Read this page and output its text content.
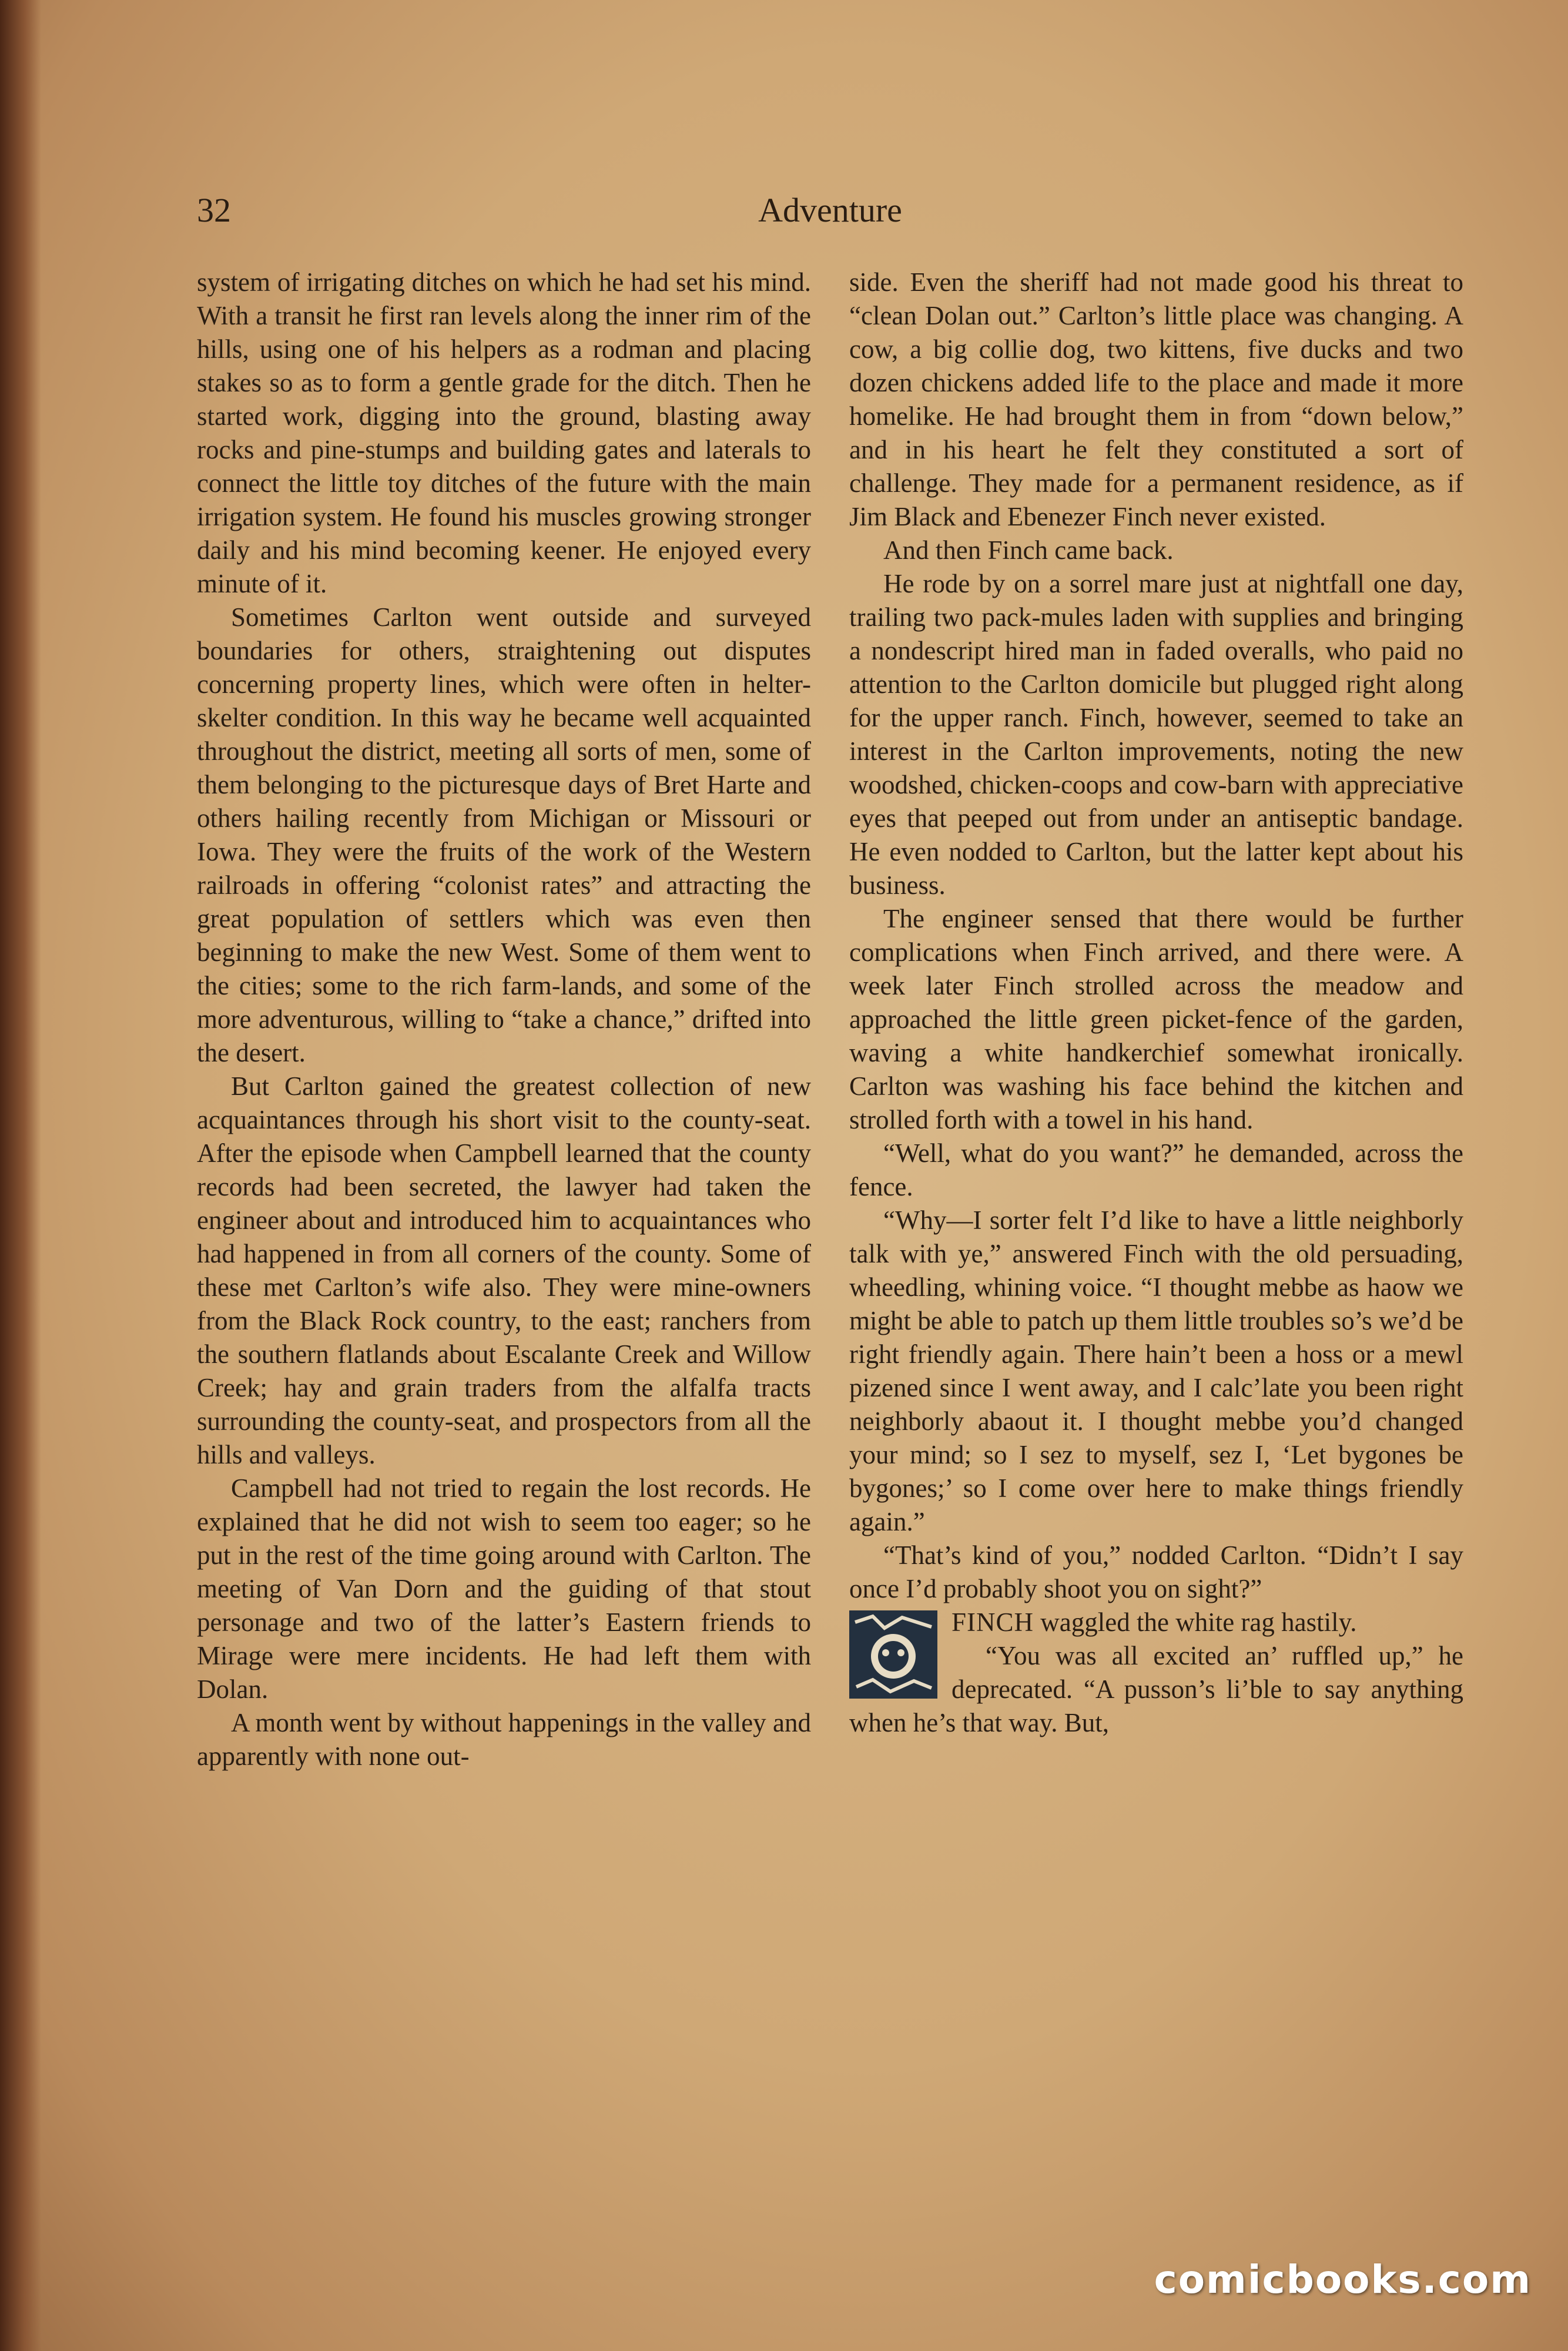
32	Adventure

system of irrigating ditches on which he had set his mind. With a transit he first ran levels along the inner rim of the hills, using one of his helpers as a rodman and placing stakes so as to form a gentle grade for the ditch. Then he started work, digging into the ground, blasting away rocks and pine-stumps and building gates and laterals to connect the little toy ditches of the future with the main irrigation system. He found his muscles growing stronger daily and his mind becoming keener. He enjoyed every minute of it.

Sometimes Carlton went outside and surveyed boundaries for others, straightening out disputes concerning property lines, which were often in helter-skelter condition. In this way he became well acquainted throughout the district, meeting all sorts of men, some of them belonging to the picturesque days of Bret Harte and others hailing recently from Michigan or Missouri or Iowa. They were the fruits of the work of the Western railroads in offering “colonist rates” and attracting the great population of settlers which was even then beginning to make the new West. Some of them went to the cities; some to the rich farm-lands, and some of the more adventurous, willing to “take a chance,” drifted into the desert.

But Carlton gained the greatest collection of new acquaintances through his short visit to the county-seat. After the episode when Campbell learned that the county records had been secreted, the lawyer had taken the engineer about and introduced him to acquaintances who had happened in from all corners of the county. Some of these met Carlton’s wife also. They were mine-owners from the Black Rock country, to the east; ranchers from the southern flatlands about Escalante Creek and Willow Creek; hay and grain traders from the alfalfa tracts surrounding the county-seat, and prospectors from all the hills and valleys.

Campbell had not tried to regain the lost records. He explained that he did not wish to seem too eager; so he put in the rest of the time going around with Carlton. The meeting of Van Dorn and the guiding of that stout personage and two of the latter’s Eastern friends to Mirage were mere incidents. He had left them with Dolan.

A month went by without happenings in the valley and apparently with none out-

side. Even the sheriff had not made good his threat to “clean Dolan out.” Carlton’s little place was changing. A cow, a big collie dog, two kittens, five ducks and two dozen chickens added life to the place and made it more homelike. He had brought them in from “down below,” and in his heart he felt they constituted a sort of challenge. They made for a permanent residence, as if Jim Black and Ebenezer Finch never existed.

And then Finch came back.

He rode by on a sorrel mare just at nightfall one day, trailing two pack-mules laden with supplies and bringing a nondescript hired man in faded overalls, who paid no attention to the Carlton domicile but plugged right along for the upper ranch. Finch, however, seemed to take an interest in the Carlton improvements, noting the new woodshed, chicken-coops and cow-barn with appreciative eyes that peeped out from under an antiseptic bandage. He even nodded to Carlton, but the latter kept about his business.

The engineer sensed that there would be further complications when Finch arrived, and there were. A week later Finch strolled across the meadow and approached the little green picket-fence of the garden, waving a white handkerchief somewhat ironically. Carlton was washing his face behind the kitchen and strolled forth with a towel in his hand.

“Well, what do you want?” he demanded, across the fence.

“Why—I sorter felt I’d like to have a little neighborly talk with ye,” answered Finch with the old persuading, wheedling, whining voice. “I thought mebbe as haow we might be able to patch up them little troubles so’s we’d be right friendly again. There hain’t been a hoss or a mewl pizened since I went away, and I calc’late you been right neighborly abaout it. I thought mebbe you’d changed your mind; so I sez to myself, sez I, ‘Let bygones be bygones;’ so I come over here to make things friendly again.”

“That’s kind of you,” nodded Carlton. “Didn’t I say once I’d probably shoot you on sight?”

FINCH waggled the white rag hastily.

“You was all excited an’ ruffled up,” he deprecated. “A pusson’s li’ble to say anything when he’s that way. But,

comicbooks.com
